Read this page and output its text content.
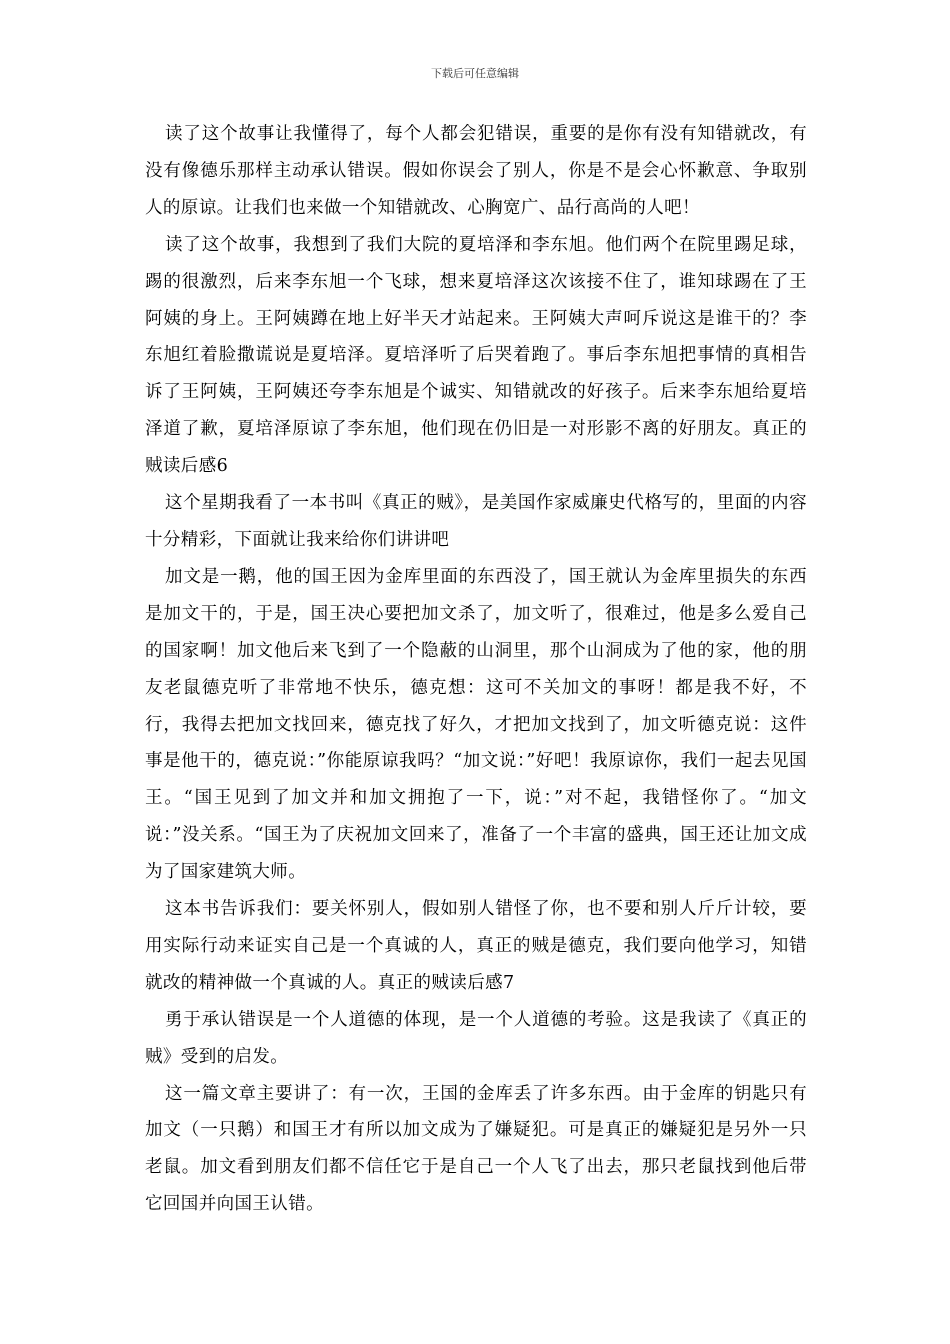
下载后可任意编辑

读了这个故事让我懂得了，每个人都会犯错误，重要的是你有没有知错就改，有没有像德乐那样主动承认错误。假如你误会了别人，你是不是会心怀歉意、争取别人的原谅。让我们也来做一个知错就改、心胸宽广、品行高尚的人吧！

读了这个故事，我想到了我们大院的夏培泽和李东旭。他们两个在院里踢足球，踢的很激烈，后来李东旭一个飞球，想来夏培泽这次该接不住了，谁知球踢在了王阿姨的身上。王阿姨蹲在地上好半天才站起来。王阿姨大声呵斥说这是谁干的？李东旭红着脸撒谎说是夏培泽。夏培泽听了后哭着跑了。事后李东旭把事情的真相告诉了王阿姨，王阿姨还夸李东旭是个诚实、知错就改的好孩子。后来李东旭给夏培泽道了歉，夏培泽原谅了李东旭，他们现在仍旧是一对形影不离的好朋友。真正的贼读后感6

这个星期我看了一本书叫《真正的贼》，是美国作家威廉史代格写的，里面的内容十分精彩，下面就让我来给你们讲讲吧

加文是一鹅，他的国王因为金库里面的东西没了，国王就认为金库里损失的东西是加文干的，于是，国王决心要把加文杀了，加文听了，很难过，他是多么爱自己的国家啊！加文他后来飞到了一个隐蔽的山洞里，那个山洞成为了他的家，他的朋友老鼠德克听了非常地不快乐，德克想：这可不关加文的事呀！都是我不好，不行，我得去把加文找回来，德克找了好久，才把加文找到了，加文听德克说：这件事是他干的，德克说：”你能原谅我吗？“加文说：”好吧！我原谅你，我们一起去见国王。“国王见到了加文并和加文拥抱了一下，说：”对不起，我错怪你了。“加文说：”没关系。“国王为了庆祝加文回来了，准备了一个丰富的盛典，国王还让加文成为了国家建筑大师。

这本书告诉我们：要关怀别人，假如别人错怪了你，也不要和别人斤斤计较，要用实际行动来证实自己是一个真诚的人，真正的贼是德克，我们要向他学习，知错就改的精神做一个真诚的人。真正的贼读后感7

勇于承认错误是一个人道德的体现，是一个人道德的考验。这是我读了《真正的贼》受到的启发。

这一篇文章主要讲了：有一次，王国的金库丢了许多东西。由于金库的钥匙只有加文（一只鹅）和国王才有所以加文成为了嫌疑犯。可是真正的嫌疑犯是另外一只老鼠。加文看到朋友们都不信任它于是自己一个人飞了出去，那只老鼠找到他后带它回国并向国王认错。
